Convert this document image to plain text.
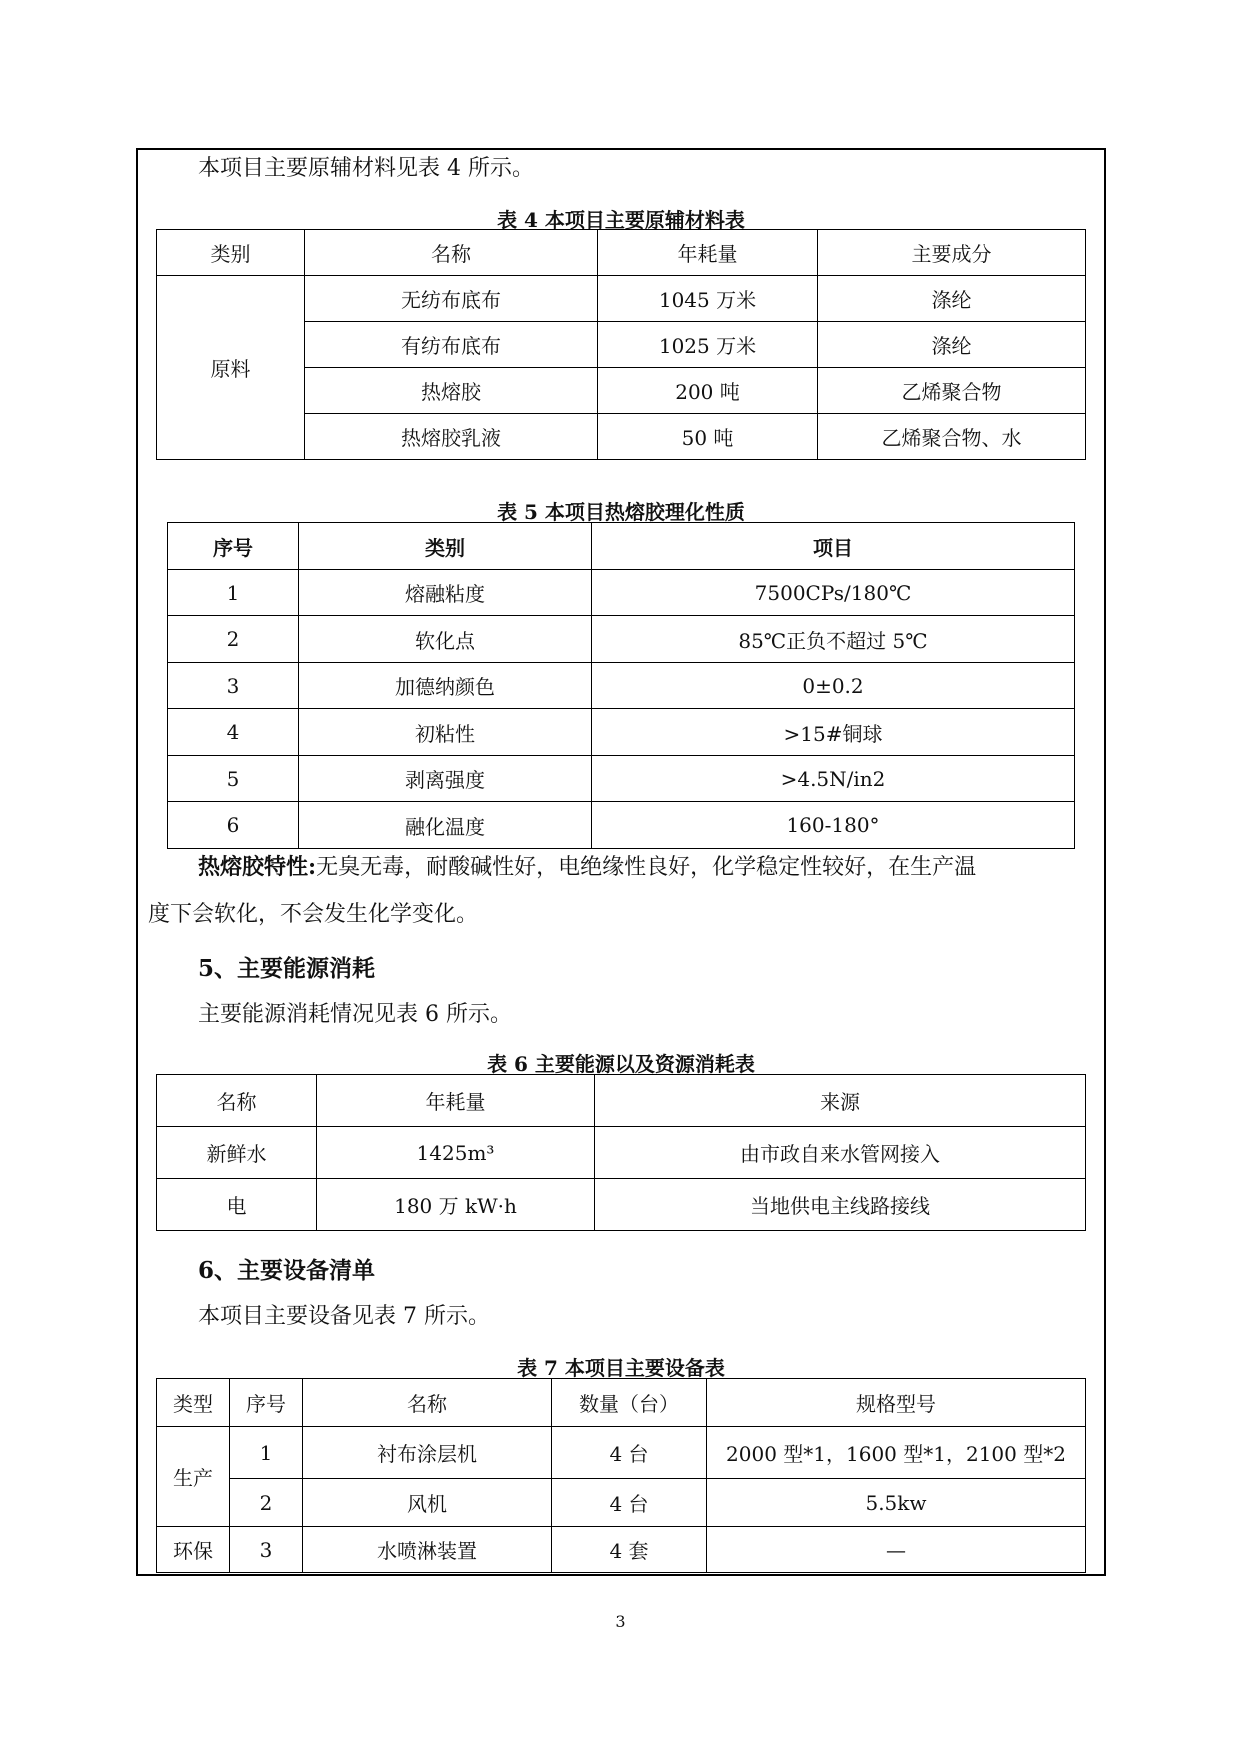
本项目主要原辅材料见表 4 所示。
表 4 本项目主要原辅材料表
类别	名称	年耗量	主要成分
原料	无纺布底布	1045 万米	涤纶
	有纺布底布	1025 万米	涤纶
	热熔胶	200 吨	乙烯聚合物
	热熔胶乳液	50 吨	乙烯聚合物、水
表 5 本项目热熔胶理化性质
序号	类别	项目
1	熔融粘度	7500CPs/180℃
2	软化点	85℃正负不超过 5℃
3	加德纳颜色	0±0.2
4	初粘性	>15#铜球
5	剥离强度	>4.5N/in2
6	融化温度	160-180°
热熔胶特性:无臭无毒，耐酸碱性好，电绝缘性良好，化学稳定性较好，在生产温
度下会软化，不会发生化学变化。
5、主要能源消耗
主要能源消耗情况见表 6 所示。
表 6 主要能源以及资源消耗表
名称	年耗量	来源
新鲜水	1425m³	由市政自来水管网接入
电	180 万 kW·h	当地供电主线路接线
6、主要设备清单
本项目主要设备见表 7 所示。
表 7 本项目主要设备表
类型	序号	名称	数量（台）	规格型号
生产	1	衬布涂层机	4 台	2000 型*1，1600 型*1，2100 型*2
	2	风机	4 台	5.5kw
环保	3	水喷淋装置	4 套	—
3
